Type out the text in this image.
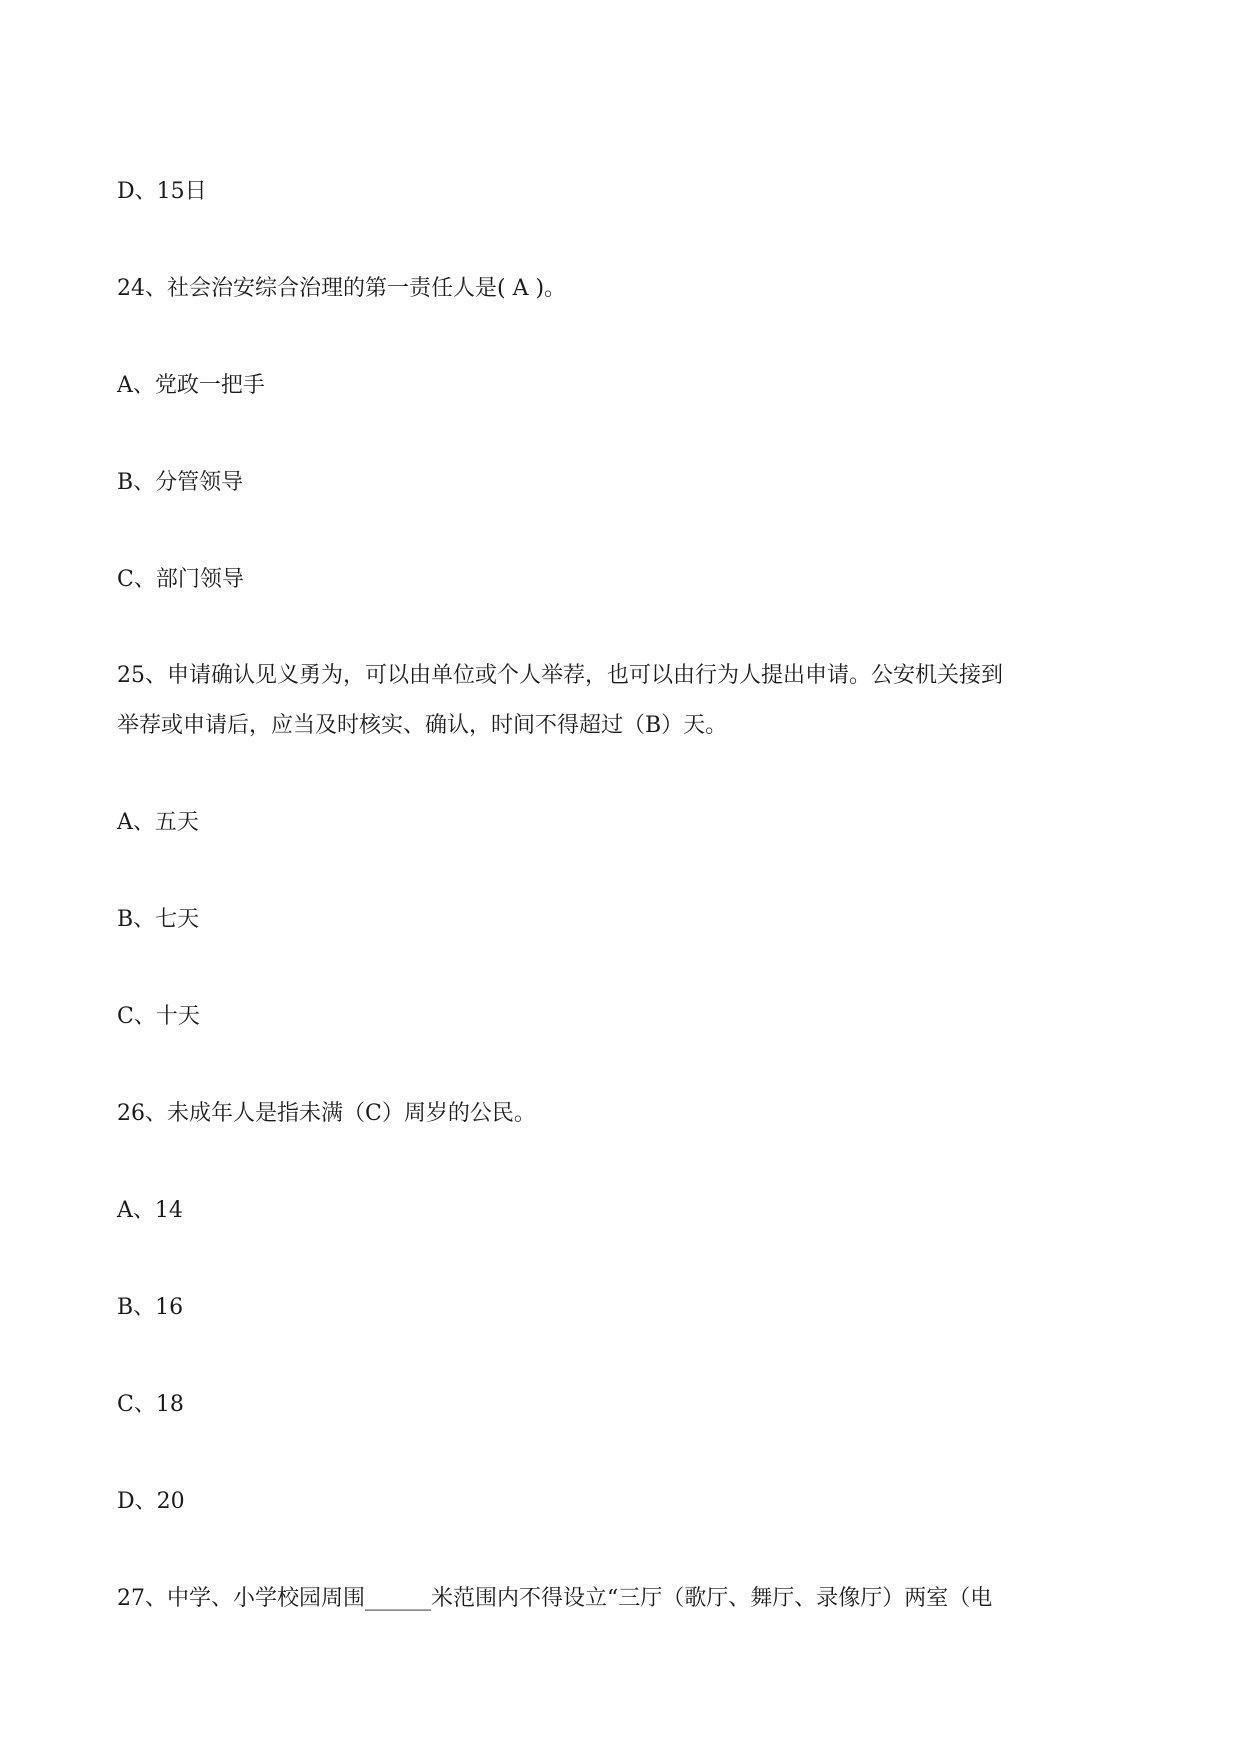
D、15日
24、社会治安综合治理的第一责任人是( A )。
A、党政一把手
B、分管领导
C、部门领导
25、申请确认见义勇为，可以由单位或个人举荐，也可以由行为人提出申请。公安机关接到
举荐或申请后，应当及时核实、确认，时间不得超过（B）天。
A、五天
B、七天
C、十天
26、未成年人是指未满（C）周岁的公民。
A、14
B、16
C、18
D、20
27、中学、小学校园周围______米范围内不得设立“三厅（歌厅、舞厅、录像厅）两室（电
